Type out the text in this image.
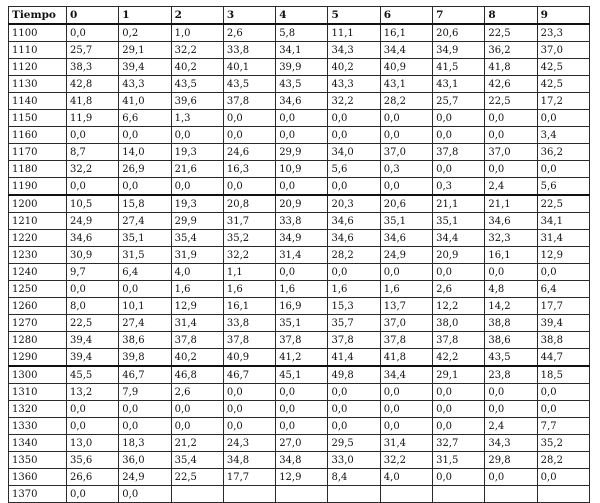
Tiempo	0	1	2	3	4	5	6	7	8	9
1100	0,0	0,2	1,0	2,6	5,8	11,1	16,1	20,6	22,5	23,3
1110	25,7	29,1	32,2	33,8	34,1	34,3	34,4	34,9	36,2	37,0
1120	38,3	39,4	40,2	40,1	39,9	40,2	40,9	41,5	41,8	42,5
1130	42,8	43,3	43,5	43,5	43,5	43,3	43,1	43,1	42,6	42,5
1140	41,8	41,0	39,6	37,8	34,6	32,2	28,2	25,7	22,5	17,2
1150	11,9	6,6	1,3	0,0	0,0	0,0	0,0	0,0	0,0	0,0
1160	0,0	0,0	0,0	0,0	0,0	0,0	0,0	0,0	0,0	3,4
1170	8,7	14,0	19,3	24,6	29,9	34,0	37,0	37,8	37,0	36,2
1180	32,2	26,9	21,6	16,3	10,9	5,6	0,3	0,0	0,0	0,0
1190	0,0	0,0	0,0	0,0	0,0	0,0	0,0	0,3	2,4	5,6
1200	10,5	15,8	19,3	20,8	20,9	20,3	20,6	21,1	21,1	22,5
1210	24,9	27,4	29,9	31,7	33,8	34,6	35,1	35,1	34,6	34,1
1220	34,6	35,1	35,4	35,2	34,9	34,6	34,6	34,4	32,3	31,4
1230	30,9	31,5	31,9	32,2	31,4	28,2	24,9	20,9	16,1	12,9
1240	9,7	6,4	4,0	1,1	0,0	0,0	0,0	0,0	0,0	0,0
1250	0,0	0,0	1,6	1,6	1,6	1,6	1,6	2,6	4,8	6,4
1260	8,0	10,1	12,9	16,1	16,9	15,3	13,7	12,2	14,2	17,7
1270	22,5	27,4	31,4	33,8	35,1	35,7	37,0	38,0	38,8	39,4
1280	39,4	38,6	37,8	37,8	37,8	37,8	37,8	37,8	38,6	38,8
1290	39,4	39,8	40,2	40,9	41,2	41,4	41,8	42,2	43,5	44,7
1300	45,5	46,7	46,8	46,7	45,1	49,8	34,4	29,1	23,8	18,5
1310	13,2	7,9	2,6	0,0	0,0	0,0	0,0	0,0	0,0	0,0
1320	0,0	0,0	0,0	0,0	0,0	0,0	0,0	0,0	0,0	0,0
1330	0,0	0,0	0,0	0,0	0,0	0,0	0,0	0,0	2,4	7,7
1340	13,0	18,3	21,2	24,3	27,0	29,5	31,4	32,7	34,3	35,2
1350	35,6	36,0	35,4	34,8	34,8	33,0	32,2	31,5	29,8	28,2
1360	26,6	24,9	22,5	17,7	12,9	8,4	4,0	0,0	0,0	0,0
1370	0,0	0,0								
